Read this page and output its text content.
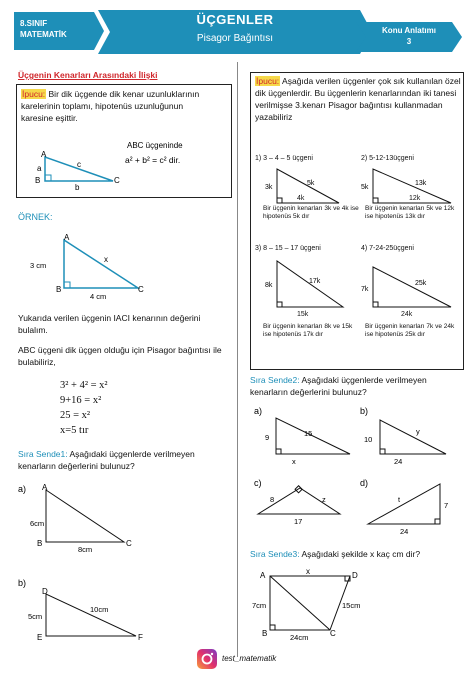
8.SINIF
MATEMATİK
ÜÇGENLER
Pisagor Bağıntısı
Konu Anlatımı
3
Üçgenin Kenarları Arasındaki İlişki
İpucu: Bir dik üçgende dik kenar uzunluklarının karelerinin toplamı, hipotenüs uzunluğunun karesine eşittir.
A
B	C
a
b
c
ABC üçgeninde
a² + b² = c² dir.
ÖRNEK:
A
B	C
3 cm
4 cm
x
Yukarıda verilen üçgenin IACI kenarının değerini bulalım.
ABC üçgeni dik üçgen olduğu için Pisagor bağıntısı ile bulabiliriz,
3² + 4² = x²
9+16 = x²
25 = x²
x=5 tır
Sıra Sende1: Aşağıdaki üçgenlerde verilmeyen kenarların değerlerini bulunuz?
a) A
B	C
6cm
8cm
b)
D
E	F
5cm
10cm
İpucu: Aşağıda verilen üçgenler çok sık kullanılan özel dik üçgenlerdir. Bu üçgenlerin kenarlarından iki tanesi verilmişse 3.kenarı Pisagor bağıntısı kullanmadan yazabiliriz
1) 3 – 4 – 5 üçgeni
3k
5k
4k
Bir üçgenin kenarları 3k ve 4k ise hipotenüs 5k dır
2) 5-12-13üçgeni
5k
13k
12k
Bir üçgenin kenarları 5k ve 12k ise hipotenüs 13k dır
3) 8 – 15 – 17 üçgeni
8k
17k
15k
Bir üçgenin kenarları 8k ve 15k ise hipotenüs 17k dır
4) 7-24-25üçgeni
7k
25k
24k
Bir üçgenin kenarları 7k ve 24k ise hipotenüs 25k dır
Sıra Sende2: Aşağıdaki üçgenlerde verilmeyen kenarların değerlerini bulunuz?
a)
9	15
x
b)
10
y
24
c)
8	z
17
d)
t
7
24
Sıra Sende3: Aşağıdaki şekilde x kaç cm dir?
A	D
B	C
x
7cm
24cm
15cm
test_matematik
